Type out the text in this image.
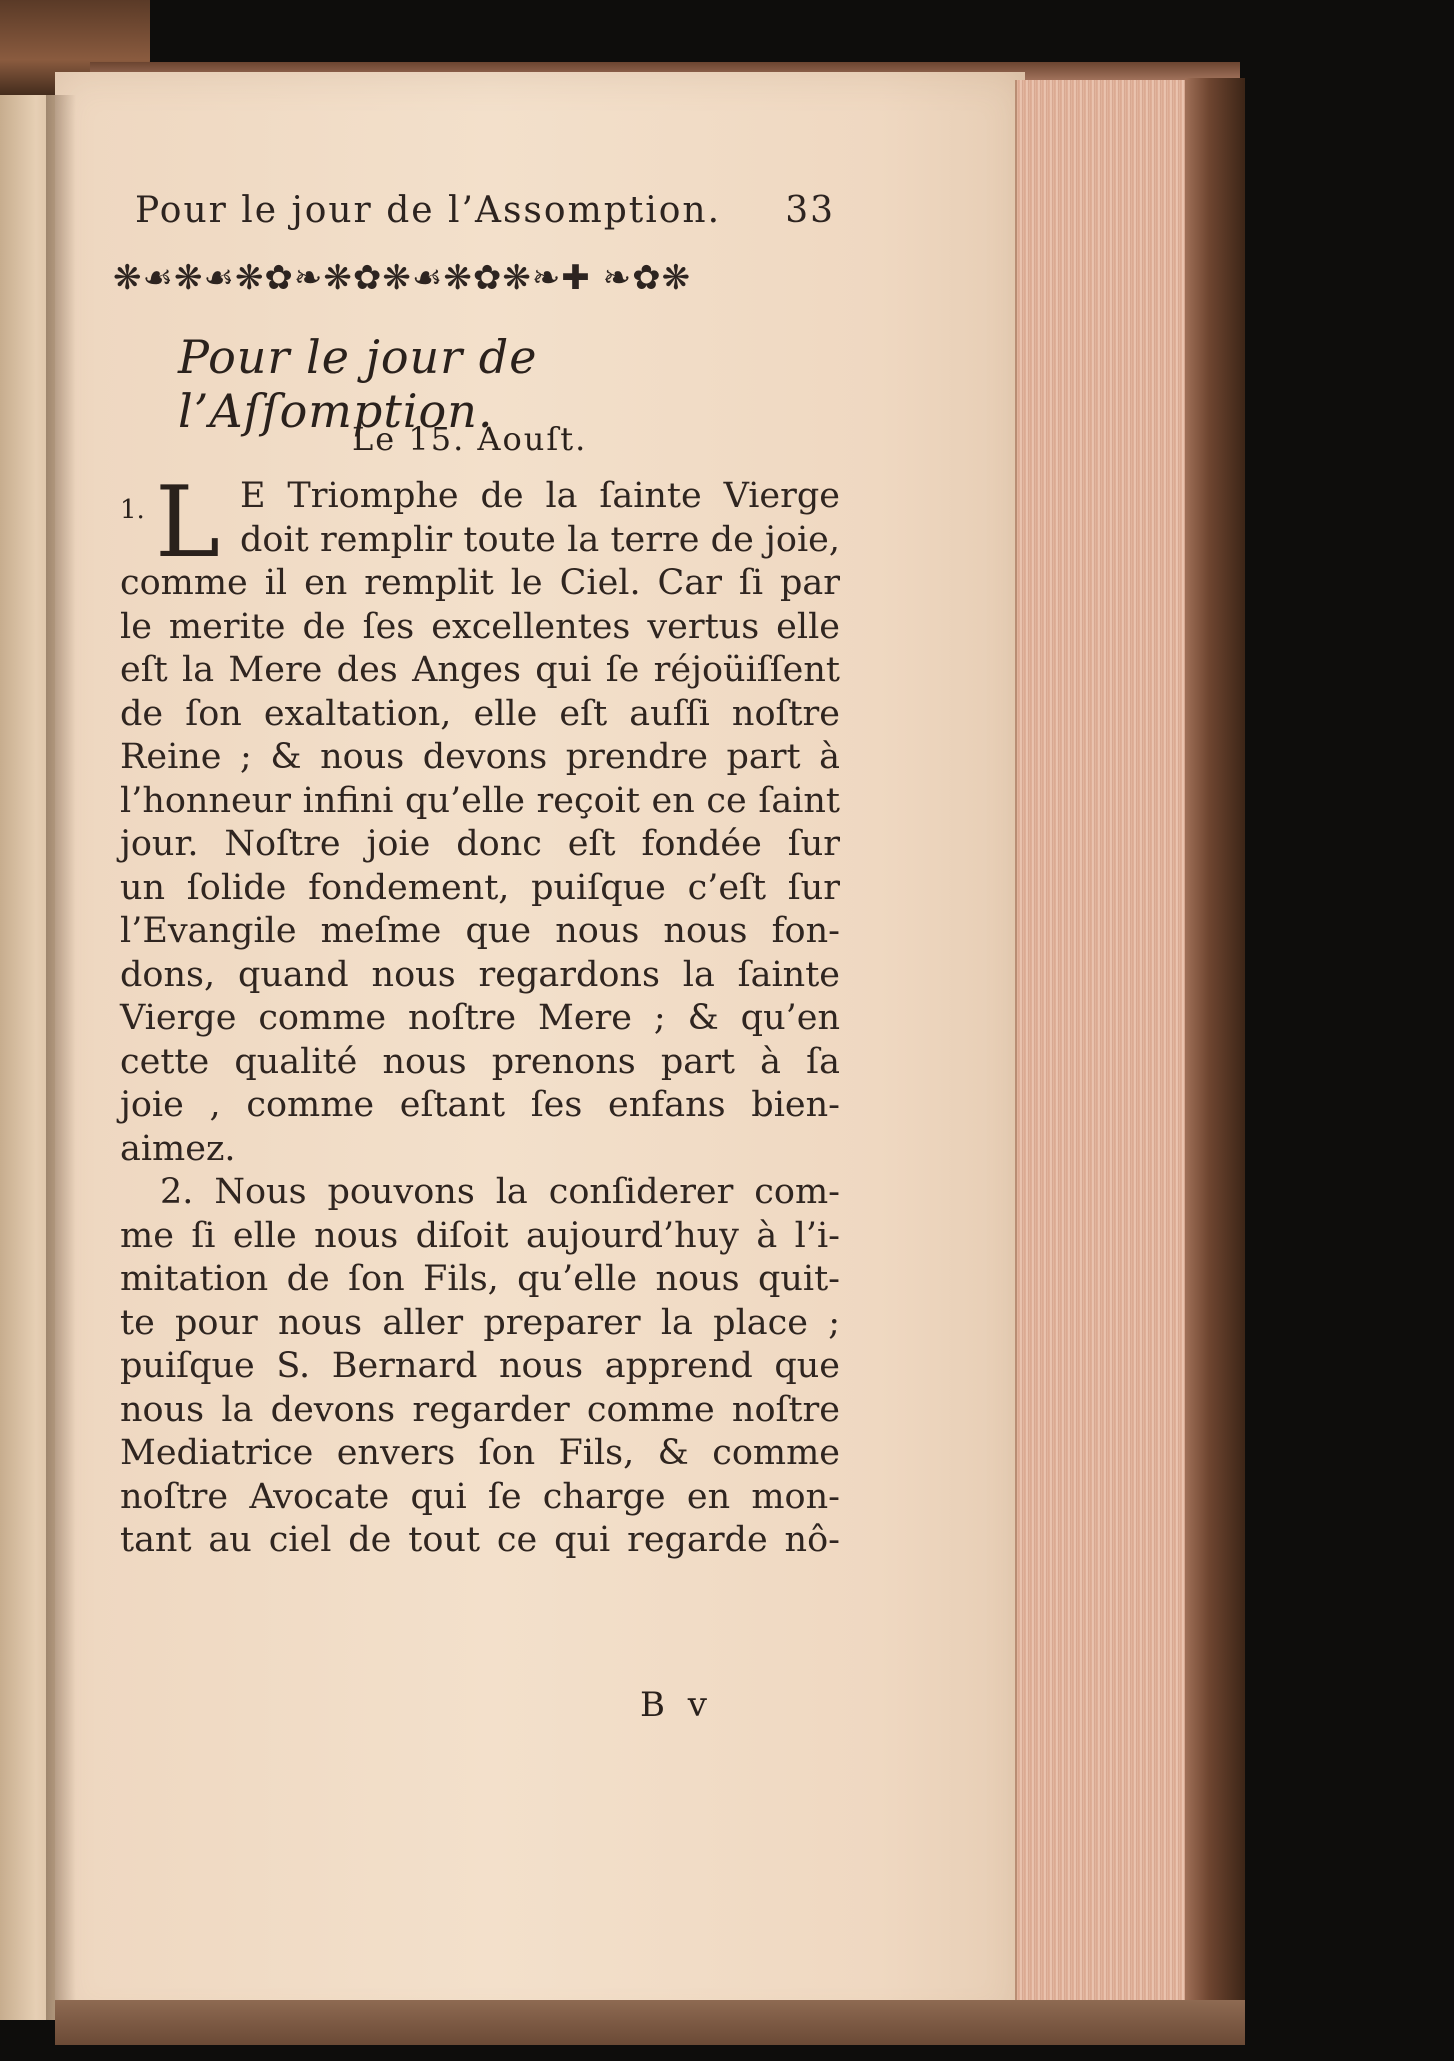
Pour le jour de l’Assomption. 33
❋☙❋☙❋✿❧❋✿❋☙❋✿❋❧✚ ❧✿❋
Pour le jour de l’Aſſomption.
Le 15. Aouſt.
1. L E Triomphe de la ſainte Vierge
doit remplir toute la terre de joie,
comme il en remplit le Ciel. Car ſi par
le merite de ſes excellentes vertus elle
eſt la Mere des Anges qui ſe réjoüiſſent
de ſon exaltation, elle eſt auſſi noſtre
Reine ; & nous devons prendre part à
l’honneur infini qu’elle reçoit en ce ſaint
jour. Noſtre joie donc eſt fondée ſur
un ſolide fondement, puiſque c’eſt ſur
l’Evangile meſme que nous nous fon-
dons, quand nous regardons la ſainte
Vierge comme noſtre Mere ; & qu’en
cette qualité nous prenons part à ſa
joie , comme eſtant ſes enfans bien-
aimez.
2. Nous pouvons la conſiderer com-
me ſi elle nous diſoit aujourd’huy à l’i-
mitation de ſon Fils, qu’elle nous quit-
te pour nous aller preparer la place ;
puiſque S. Bernard nous apprend que
nous la devons regarder comme noſtre
Mediatrice envers ſon Fils, & comme
noſtre Avocate qui ſe charge en mon-
tant au ciel de tout ce qui regarde nô-
B v
